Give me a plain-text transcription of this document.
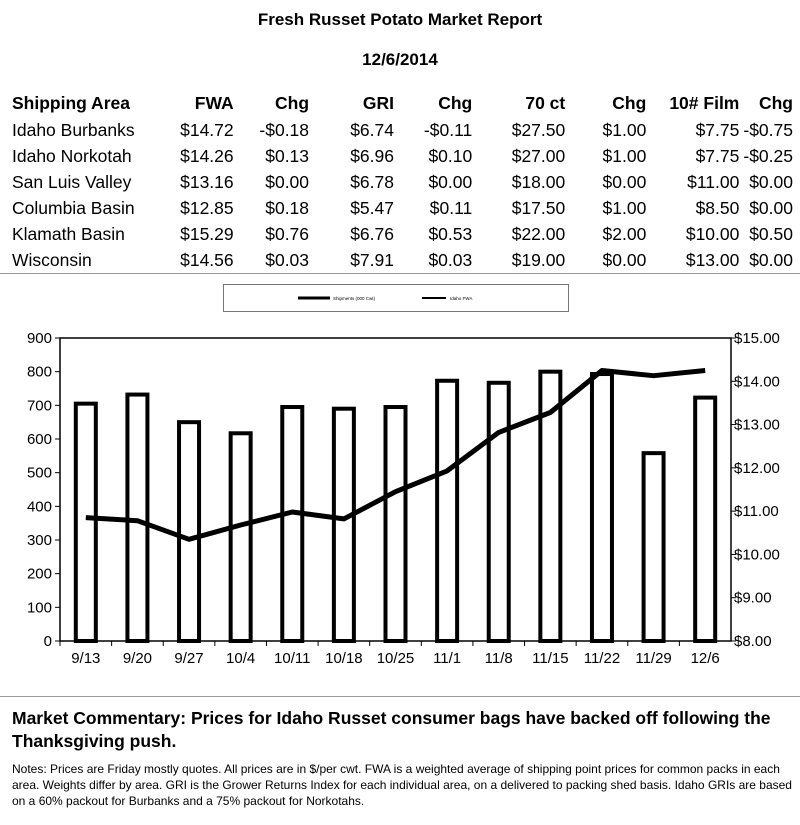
Fresh Russet Potato Market Report
12/6/2014
Shipping Area	FWA	Chg	GRI	Chg	70 ct	Chg	10# Film	Chg
Idaho Burbanks	$14.72	-$0.18	$6.74	-$0.11	$27.50	$1.00	$7.75	-$0.75
Idaho Norkotah	$14.26	$0.13	$6.96	$0.10	$27.00	$1.00	$7.75	-$0.25
San Luis Valley	$13.16	$0.00	$6.78	$0.00	$18.00	$0.00	$11.00	$0.00
Columbia Basin	$12.85	$0.18	$5.47	$0.11	$17.50	$1.00	$8.50	$0.00
Klamath Basin	$15.29	$0.76	$6.76	$0.53	$22.00	$2.00	$10.00	$0.50
Wisconsin	$14.56	$0.03	$7.91	$0.03	$19.00	$0.00	$13.00	$0.00
Shipments (000 Cwt)	Idaho FWA
0
100
200
300
400
500
600
700
800
900
$8.00
$9.00
$10.00
$11.00
$12.00
$13.00
$14.00
$15.00
9/13 9/20 9/27 10/4 10/11 10/18 10/25 11/1 11/8 11/15 11/22 11/29 12/6
Market Commentary: Prices for Idaho Russet consumer bags have backed off following the Thanksgiving push.
Notes: Prices are Friday mostly quotes. All prices are in $/per cwt. FWA is a weighted average of shipping point prices for common packs in each area. Weights differ by area. GRI is the Grower Returns Index for each individual area, on a delivered to packing shed basis. Idaho GRIs are based on a 60% packout for Burbanks and a 75% packout for Norkotahs.
